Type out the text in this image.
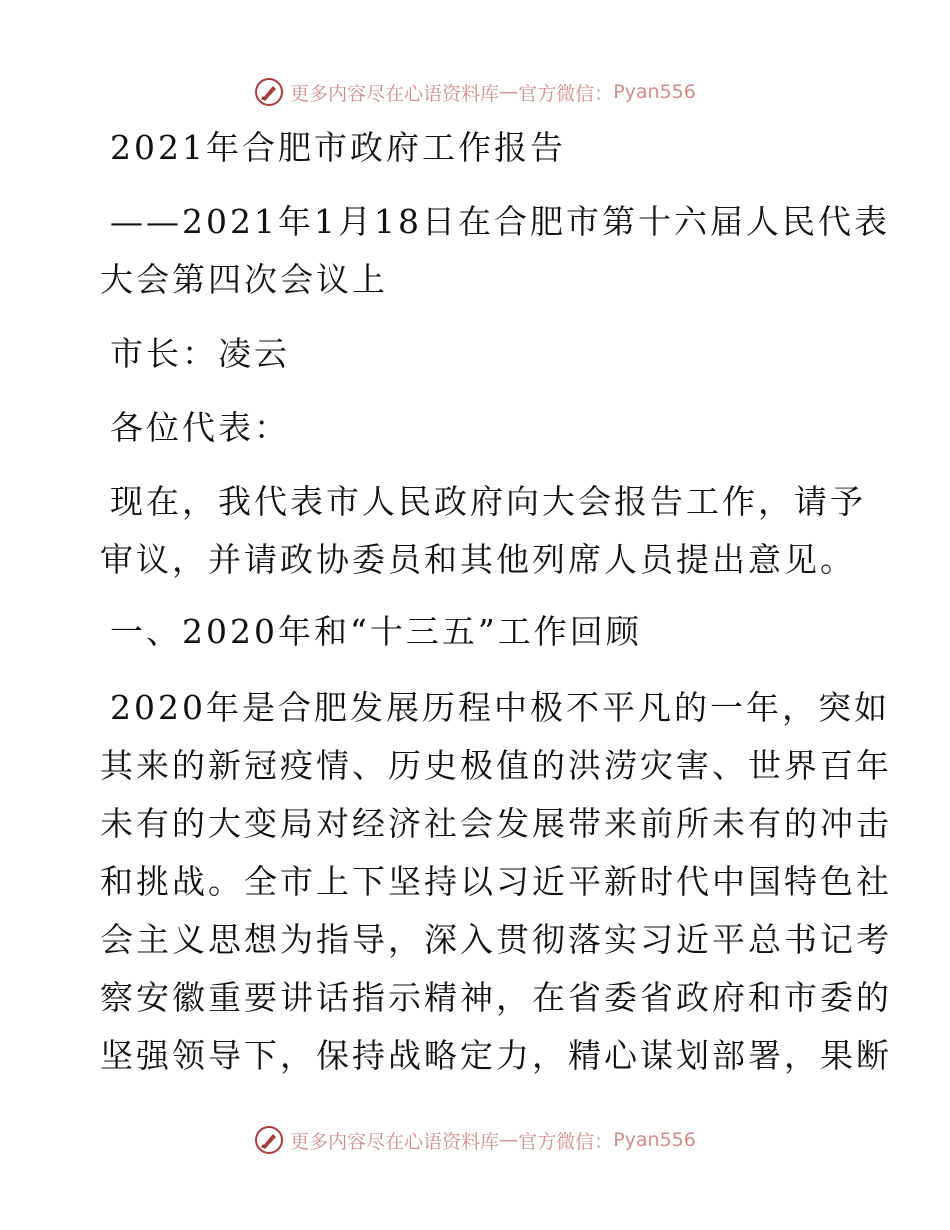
更多内容尽在心语资料库 — 官方微信： Pyan556
2021年合肥市政府工作报告
——2021年1月18日在合肥市第十六届人民代表
大会第四次会议上
市长：凌云
各位代表：
现在，我代表市人民政府向大会报告工作，请予
审议，并请政协委员和其他列席人员提出意见。
一、2020年和“十三五”工作回顾
2020年是合肥发展历程中极不平凡的一年，突如
其来的新冠疫情、历史极值的洪涝灾害、世界百年
未有的大变局对经济社会发展带来前所未有的冲击
和挑战。全市上下坚持以习近平新时代中国特色社
会主义思想为指导，深入贯彻落实习近平总书记考
察安徽重要讲话指示精神，在省委省政府和市委的
坚强领导下，保持战略定力，精心谋划部署，果断
更多内容尽在心语资料库 — 官方微信： Pyan556
